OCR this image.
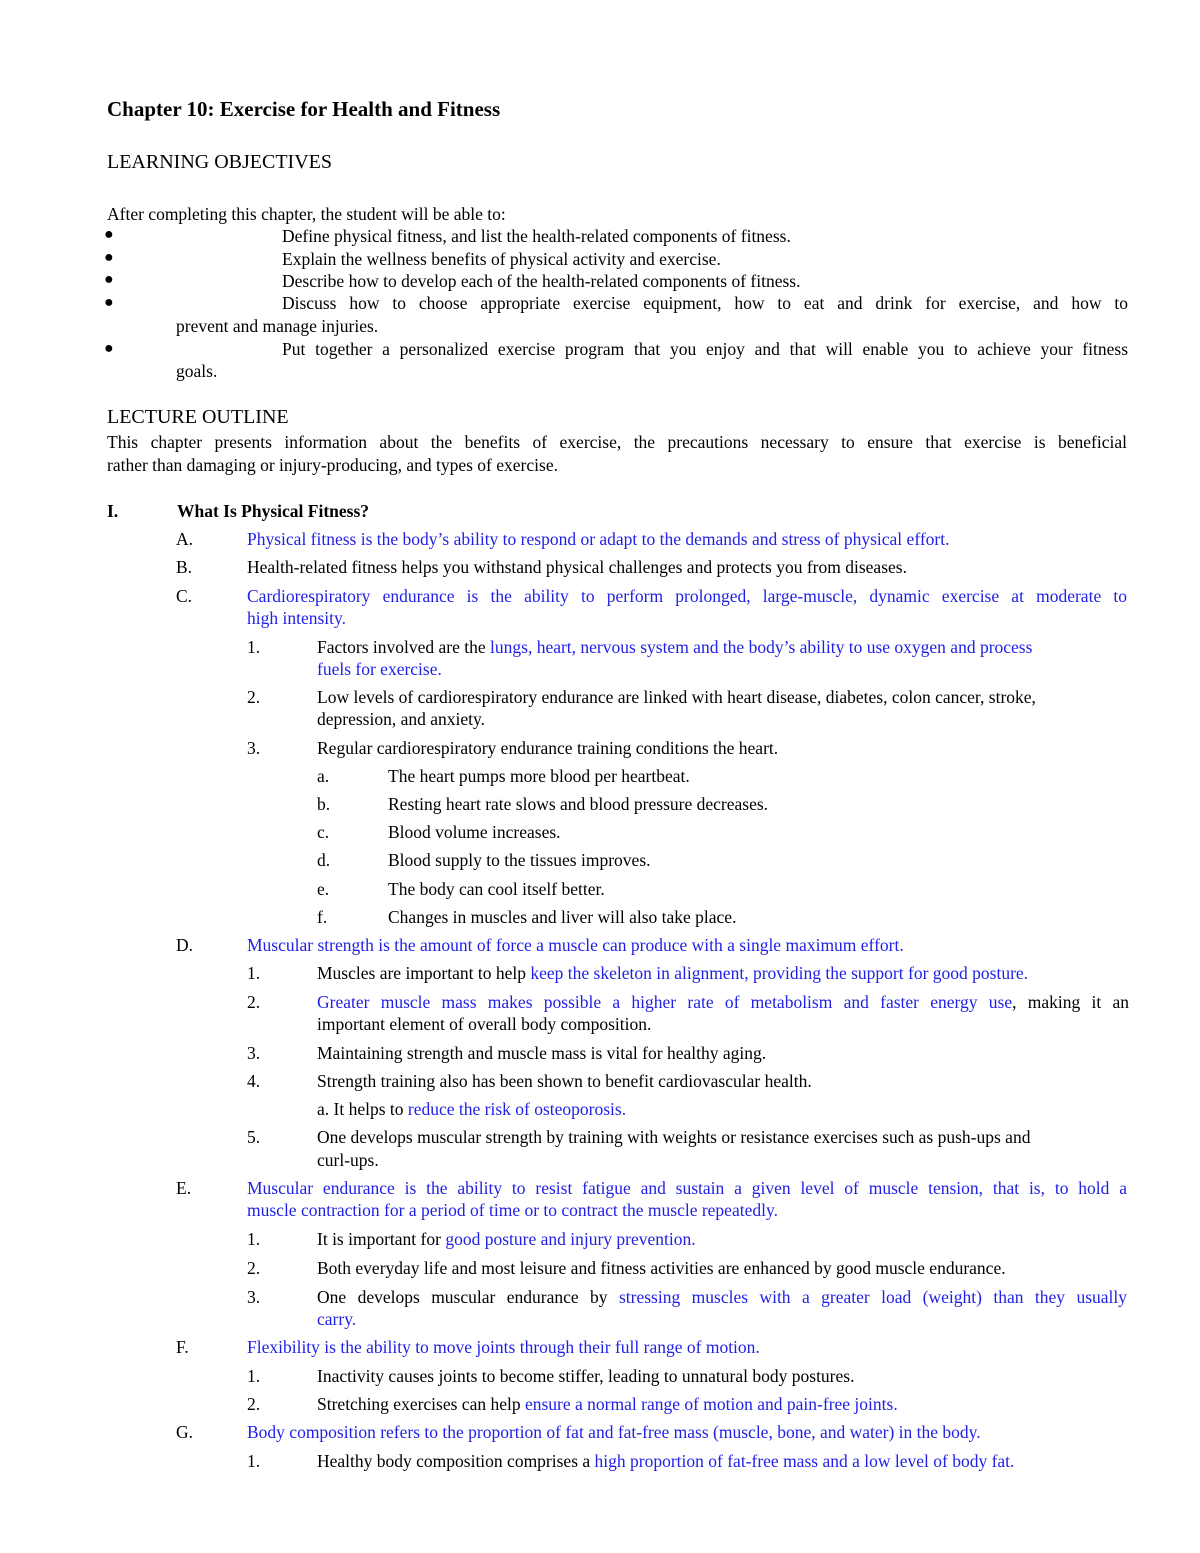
Chapter 10: Exercise for Health and Fitness
LEARNING OBJECTIVES
After completing this chapter, the student will be able to:
●	Define physical fitness, and list the health-related components of fitness.
●	Explain the wellness benefits of physical activity and exercise.
●	Describe how to develop each of the health-related components of fitness.
●	Discuss how to choose appropriate exercise equipment, how to eat and drink for exercise, and how to
prevent and manage injuries.
●	Put together a personalized exercise program that you enjoy and that will enable you to achieve your fitness
goals.
LECTURE OUTLINE
This chapter presents information about the benefits of exercise, the precautions necessary to ensure that exercise is beneficial
rather than damaging or injury-producing, and types of exercise.
I.	What Is Physical Fitness?
A.	Physical fitness is the body’s ability to respond or adapt to the demands and stress of physical effort.
B.	Health-related fitness helps you withstand physical challenges and protects you from diseases.
C.	Cardiorespiratory endurance is the ability to perform prolonged, large-muscle, dynamic exercise at moderate to
high intensity.
1.	Factors involved are the lungs, heart, nervous system and the body’s ability to use oxygen and process
fuels for exercise.
2.	Low levels of cardiorespiratory endurance are linked with heart disease, diabetes, colon cancer, stroke,
depression, and anxiety.
3.	Regular cardiorespiratory endurance training conditions the heart.
a.	The heart pumps more blood per heartbeat.
b.	Resting heart rate slows and blood pressure decreases.
c.	Blood volume increases.
d.	Blood supply to the tissues improves.
e.	The body can cool itself better.
f.	Changes in muscles and liver will also take place.
D.	Muscular strength is the amount of force a muscle can produce with a single maximum effort.
1.	Muscles are important to help keep the skeleton in alignment, providing the support for good posture.
2.	Greater muscle mass makes possible a higher rate of metabolism and faster energy use, making it an
important element of overall body composition.
3.	Maintaining strength and muscle mass is vital for healthy aging.
4.	Strength training also has been shown to benefit cardiovascular health.
a. It helps to reduce the risk of osteoporosis.
5.	One develops muscular strength by training with weights or resistance exercises such as push-ups and
curl-ups.
E.	Muscular endurance is the ability to resist fatigue and sustain a given level of muscle tension, that is, to hold a
muscle contraction for a period of time or to contract the muscle repeatedly.
1.	It is important for good posture and injury prevention.
2.	Both everyday life and most leisure and fitness activities are enhanced by good muscle endurance.
3.	One develops muscular endurance by stressing muscles with a greater load (weight) than they usually
carry.
F.	Flexibility is the ability to move joints through their full range of motion.
1.	Inactivity causes joints to become stiffer, leading to unnatural body postures.
2.	Stretching exercises can help ensure a normal range of motion and pain-free joints.
G.	Body composition refers to the proportion of fat and fat-free mass (muscle, bone, and water) in the body.
1.	Healthy body composition comprises a high proportion of fat-free mass and a low level of body fat.
